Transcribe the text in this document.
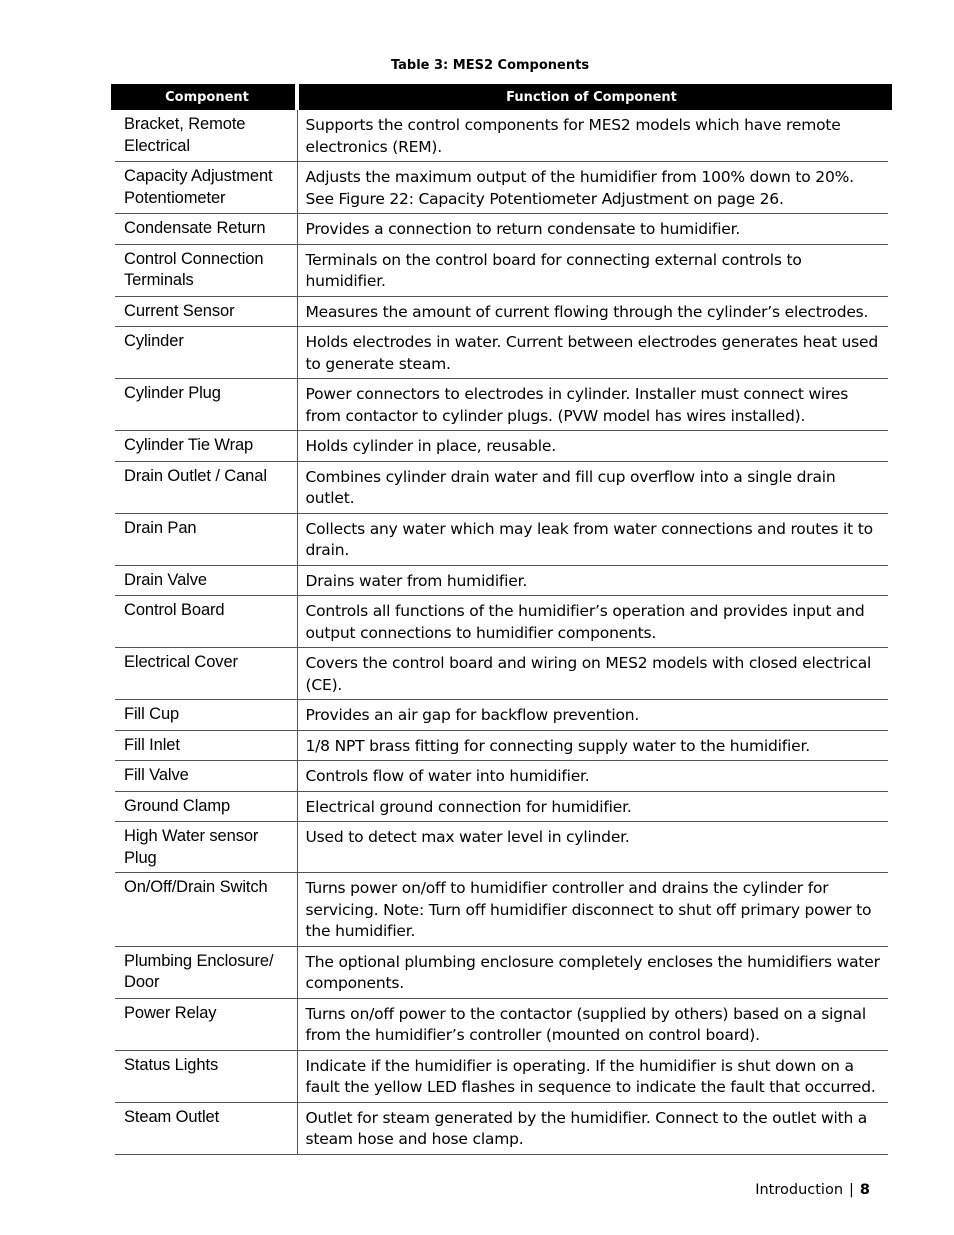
Table 3: MES2 Components
Component	Function of Component
Bracket, Remote Electrical	Supports the control components for MES2 models which have remote electronics (REM).
Capacity Adjustment Potentiometer	Adjusts the maximum output of the humidifier from 100% down to 20%. See Figure 22: Capacity Potentiometer Adjustment on page 26.
Condensate Return	Provides a connection to return condensate to humidifier.
Control Connection Terminals	Terminals on the control board for connecting external controls to humidifier.
Current Sensor	Measures the amount of current flowing through the cylinder’s electrodes.
Cylinder	Holds electrodes in water. Current between electrodes generates heat used to generate steam.
Cylinder Plug	Power connectors to electrodes in cylinder. Installer must connect wires from contactor to cylinder plugs. (PVW model has wires installed).
Cylinder Tie Wrap	Holds cylinder in place, reusable.
Drain Outlet / Canal	Combines cylinder drain water and fill cup overflow into a single drain outlet.
Drain Pan	Collects any water which may leak from water connections and routes it to drain.
Drain Valve	Drains water from humidifier.
Control Board	Controls all functions of the humidifier’s operation and provides input and output connections to humidifier components.
Electrical Cover	Covers the control board and wiring on MES2 models with closed electrical (CE).
Fill Cup	Provides an air gap for backflow prevention.
Fill Inlet	1/8 NPT brass fitting for connecting supply water to the humidifier.
Fill Valve	Controls flow of water into humidifier.
Ground Clamp	Electrical ground connection for humidifier.
High Water sensor Plug	Used to detect max water level in cylinder.
On/Off/Drain Switch	Turns power on/off to humidifier controller and drains the cylinder for servicing. Note: Turn off humidifier disconnect to shut off primary power to the humidifier.
Plumbing Enclosure/ Door	The optional plumbing enclosure completely encloses the humidifiers water components.
Power Relay	Turns on/off power to the contactor (supplied by others) based on a signal from the humidifier’s controller (mounted on control board).
Status Lights	Indicate if the humidifier is operating. If the humidifier is shut down on a fault the yellow LED flashes in sequence to indicate the fault that occurred.
Steam Outlet	Outlet for steam generated by the humidifier. Connect to the outlet with a steam hose and hose clamp.
Introduction | 8
